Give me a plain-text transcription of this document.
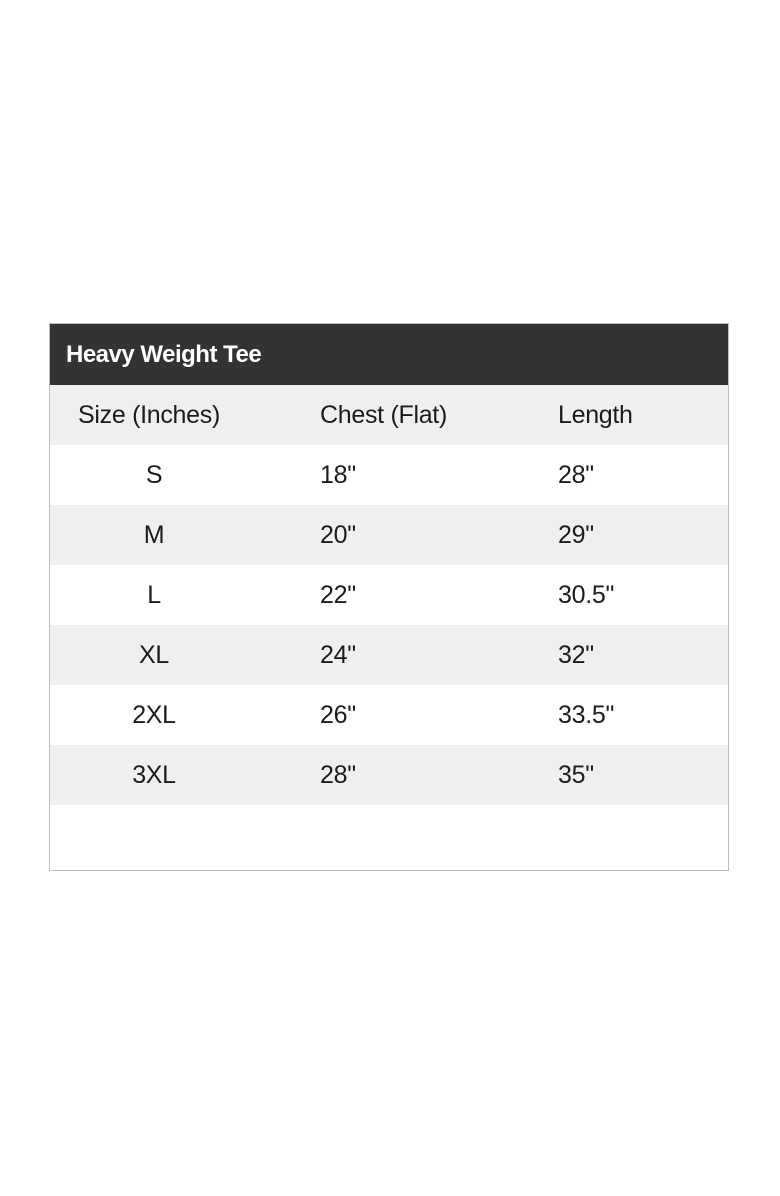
Heavy Weight Tee
Size (Inches)	Chest (Flat)	Length
S	18"	28"
M	20"	29"
L	22"	30.5"
XL	24"	32"
2XL	26"	33.5"
3XL	28"	35"
